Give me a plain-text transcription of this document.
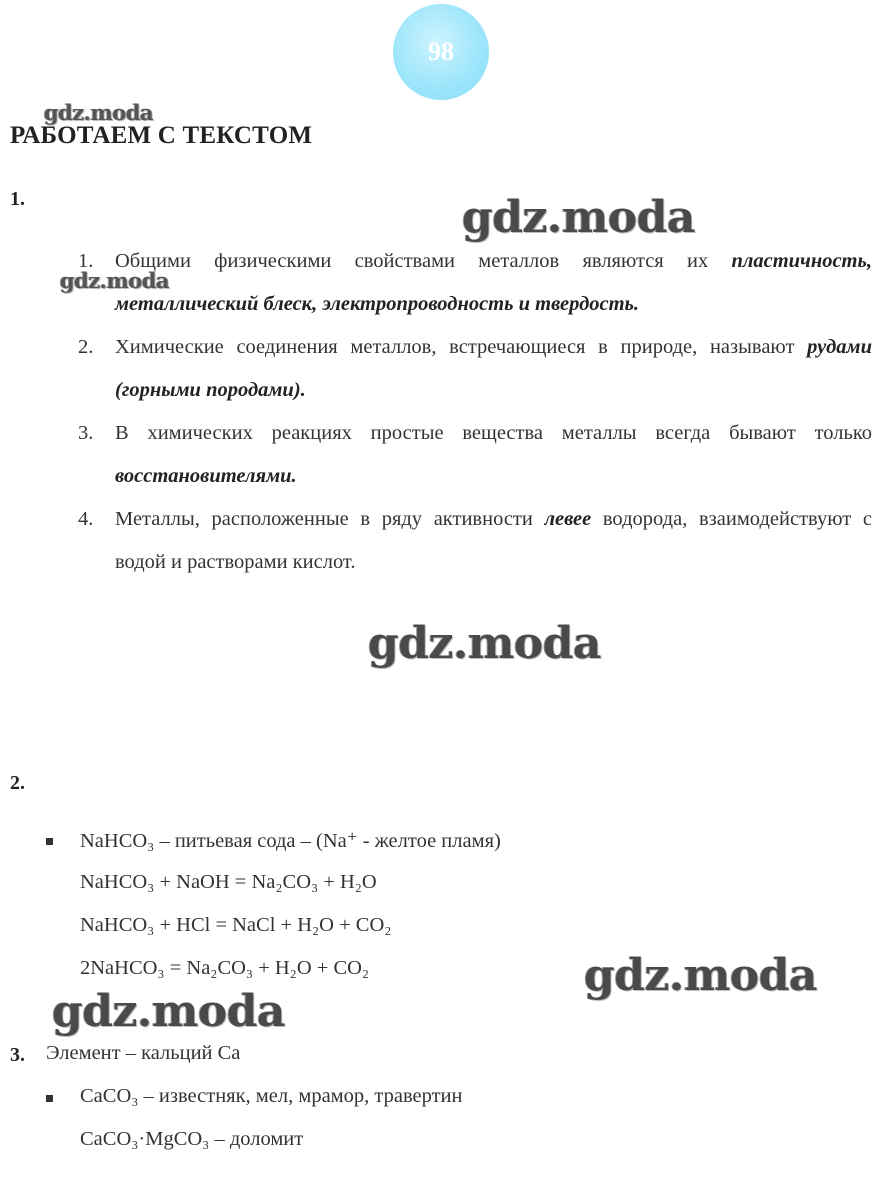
98
gdz.moda
РАБОТАЕМ С ТЕКСТОМ
1.	gdz.moda
1. Общими физическими свойствами металлов являются их пластичность, металлический блеск, электропроводность и твердость.
2. Химические соединения металлов, встречающиеся в природе, называют рудами (горными породами).
3. В химических реакциях простые вещества металлы всегда бывают только восстановителями.
4. Металлы, расположенные в ряду активности левее водорода, взаимодействуют с водой и растворами кислот.
gdz.moda
gdz.moda
2.
NaHCO₃ – питьевая сода – (Na⁺ - желтое пламя)
NaHCO₃ + NaOH = Na₂CO₃ + H₂O
NaHCO₃ + HCl = NaCl + H₂O + CO₂
2NaHCO₃ = Na₂CO₃ + H₂O + CO₂	gdz.moda
gdz.moda
3. Элемент – кальций Ca
CaCO₃ – известняк, мел, мрамор, травертин
CaCO₃·MgCO₃ – доломит
